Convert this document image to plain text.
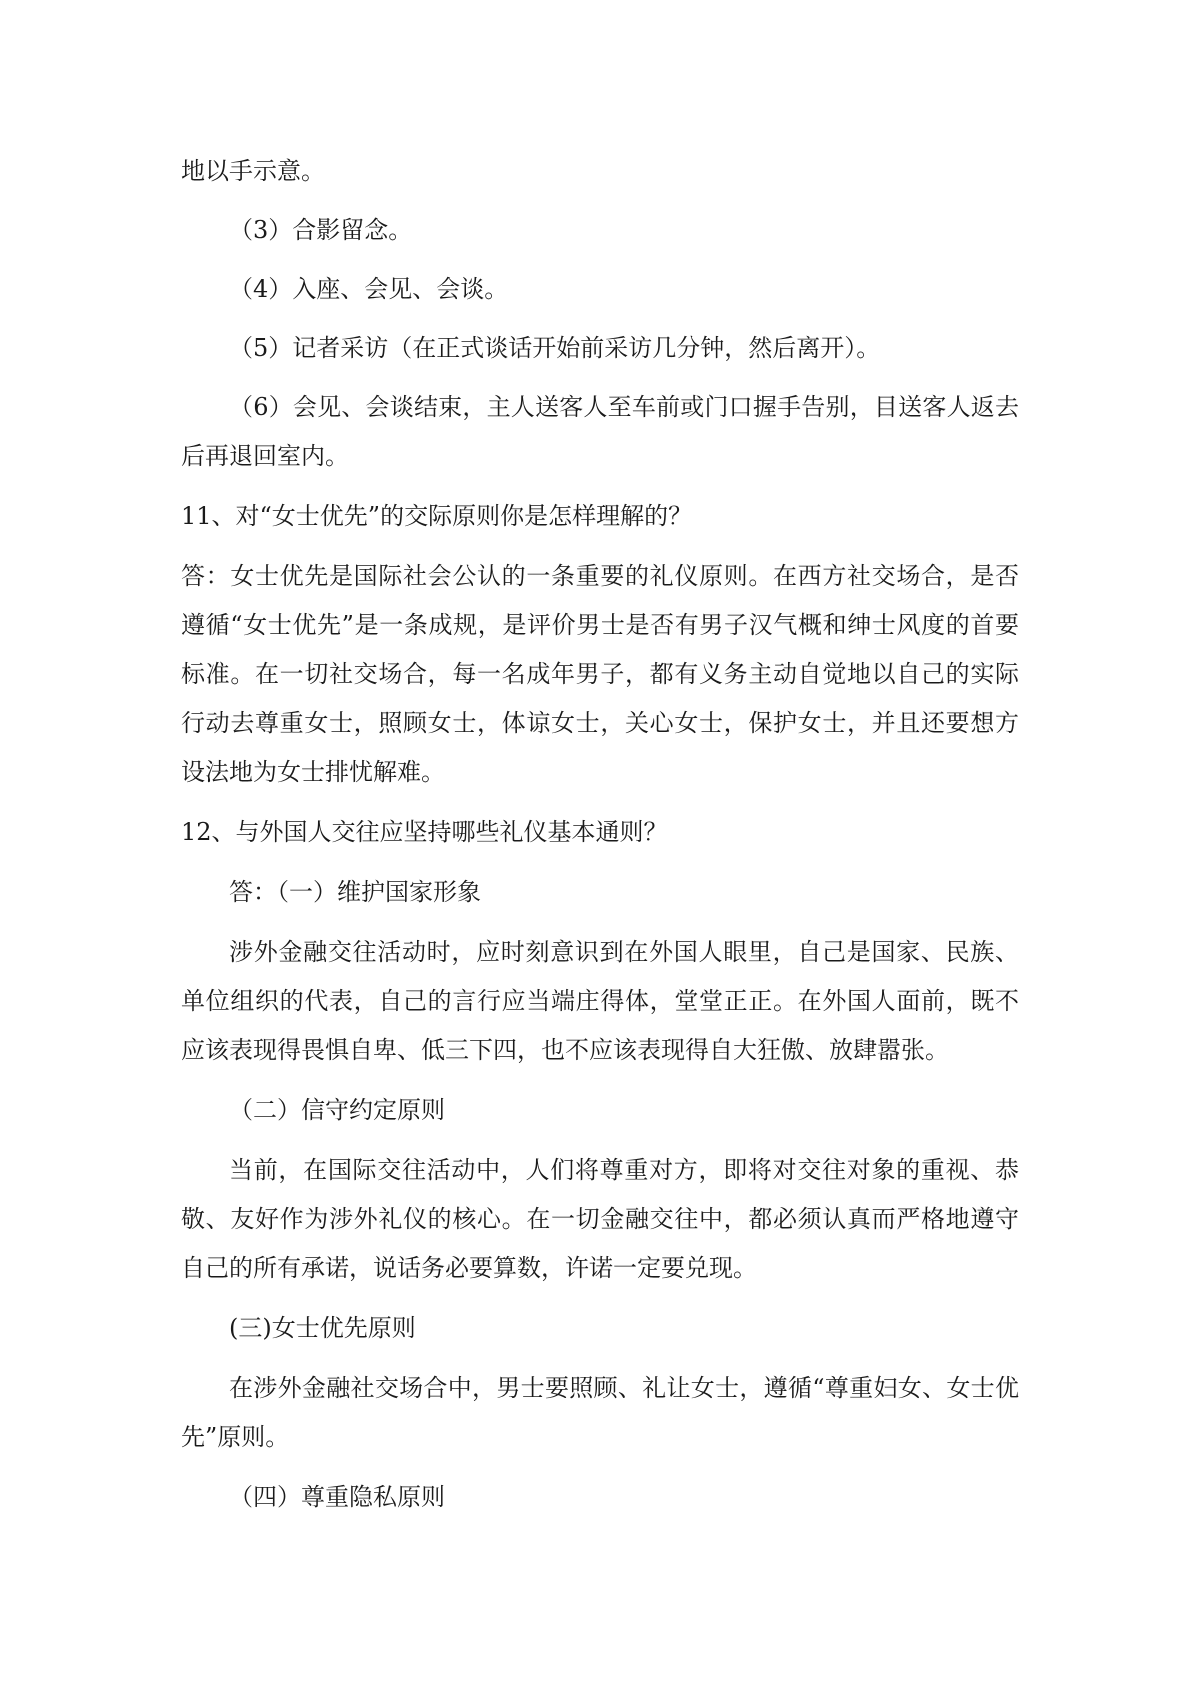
地以手示意。

（3）合影留念。

（4）入座、会见、会谈。

（5）记者采访（在正式谈话开始前采访几分钟，然后离开）。

（6）会见、会谈结束，主人送客人至车前或门口握手告别，目送客人返去后再退回室内。

11、对“女士优先”的交际原则你是怎样理解的？

答：女士优先是国际社会公认的一条重要的礼仪原则。在西方社交场合，是否遵循“女士优先”是一条成规，是评价男士是否有男子汉气概和绅士风度的首要标准。在一切社交场合，每一名成年男子，都有义务主动自觉地以自己的实际行动去尊重女士，照顾女士，体谅女士，关心女士，保护女士，并且还要想方设法地为女士排忧解难。

12、与外国人交往应坚持哪些礼仪基本通则？

答：（一）维护国家形象

涉外金融交往活动时，应时刻意识到在外国人眼里，自己是国家、民族、单位组织的代表，自己的言行应当端庄得体，堂堂正正。在外国人面前，既不应该表现得畏惧自卑、低三下四，也不应该表现得自大狂傲、放肆嚣张。

（二）信守约定原则

当前，在国际交往活动中，人们将尊重对方，即将对交往对象的重视、恭敬、友好作为涉外礼仪的核心。在一切金融交往中，都必须认真而严格地遵守自己的所有承诺，说话务必要算数，许诺一定要兑现。

(三)女士优先原则

在涉外金融社交场合中，男士要照顾、礼让女士，遵循“尊重妇女、女士优先”原则。

（四）尊重隐私原则
